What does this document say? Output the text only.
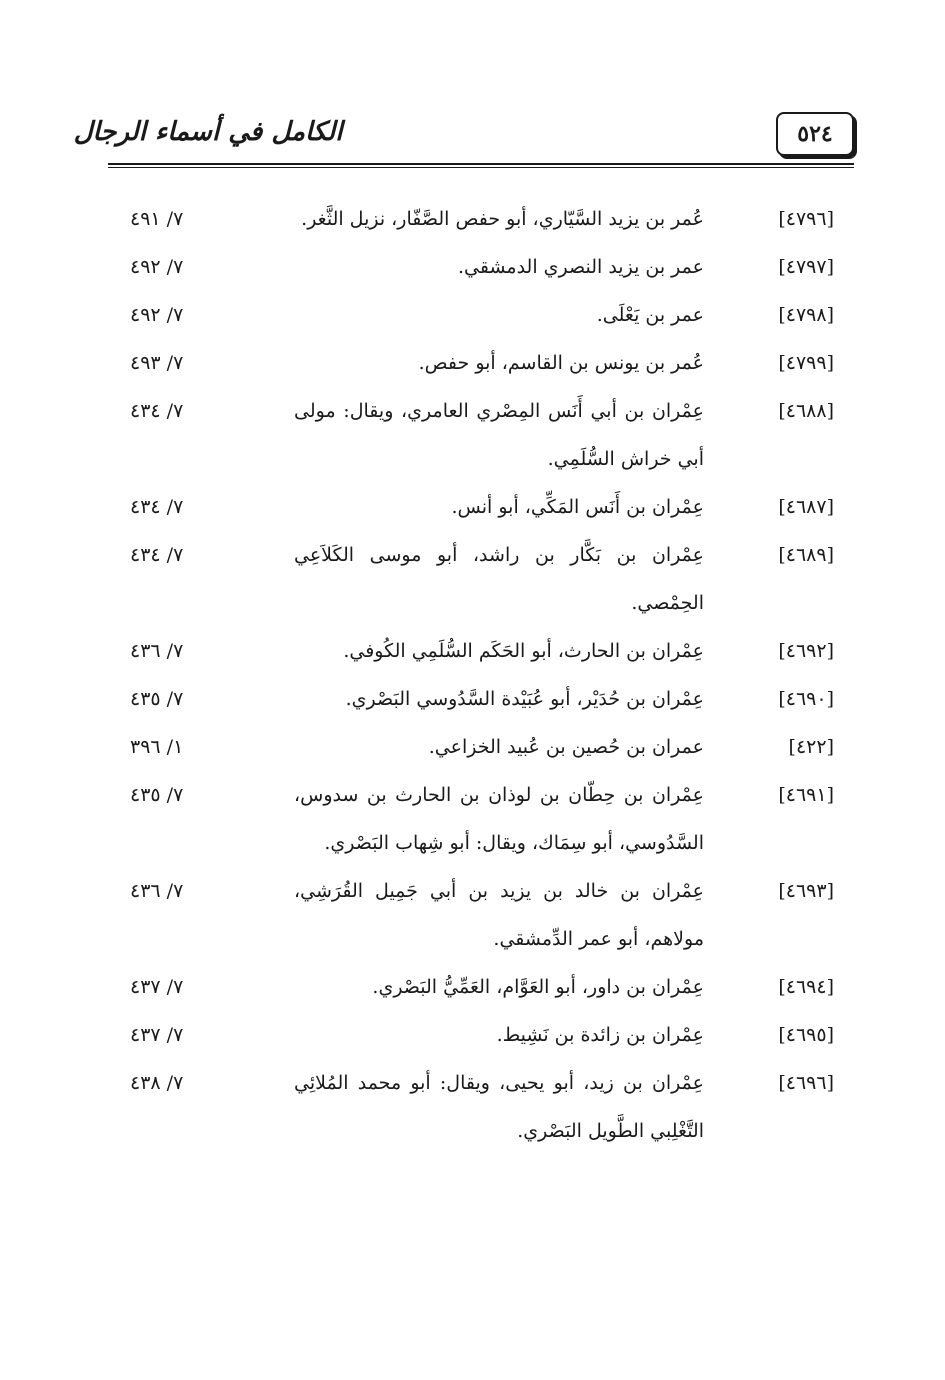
٥٢٤
الكامل في أسماء الرجال
[٤٧٩٦]
عُمر بن يزيد السَّيّاري، أبو حفص الصَّفّار، نزيل الثَّغر.
٧/ ٤٩١
[٤٧٩٧]
عمر بن يزيد النصري الدمشقي.
٧/ ٤٩٢
[٤٧٩٨]
عمر بن يَعْلَى.
٧/ ٤٩٢
[٤٧٩٩]
عُمر بن يونس بن القاسم، أبو حفص.
٧/ ٤٩٣
[٤٦٨٨]
عِمْران بن أبي أَنَس المِصْري العامري، ويقال: مولى أبي خراش السُّلَمِي.
٧/ ٤٣٤
[٤٦٨٧]
عِمْران بن أَنَس المَكِّي، أبو أنس.
٧/ ٤٣٤
[٤٦٨٩]
عِمْران بن بَكَّار بن راشد، أبو موسى الكَلاَعِي الحِمْصي.
٧/ ٤٣٤
[٤٦٩٢]
عِمْران بن الحارث، أبو الحَكَم السُّلَمِي الكُوفي.
٧/ ٤٣٦
[٤٦٩٠]
عِمْران بن حُدَيْر، أبو عُبَيْدة السَّدُوسي البَصْري.
٧/ ٤٣٥
[٤٢٢]
عمران بن حُصين بن عُبيد الخزاعي.
١/ ٣٩٦
[٤٦٩١]
عِمْران بن حِطّان بن لوذان بن الحارث بن سدوس، السَّدُوسي، أبو سِمَاك، ويقال: أبو شِهاب البَصْري.
٧/ ٤٣٥
[٤٦٩٣]
عِمْران بن خالد بن يزيد بن أبي جَمِيل القُرَشِي، مولاهم، أبو عمر الدِّمشقي.
٧/ ٤٣٦
[٤٦٩٤]
عِمْران بن داور، أبو العَوَّام، العَمِّيُّ البَصْري.
٧/ ٤٣٧
[٤٦٩٥]
عِمْران بن زائدة بن نَشِيط.
٧/ ٤٣٧
[٤٦٩٦]
عِمْران بن زيد، أبو يحيى، ويقال: أبو محمد المُلائِي التَّغْلِبي الطَّويل البَصْري.
٧/ ٤٣٨
